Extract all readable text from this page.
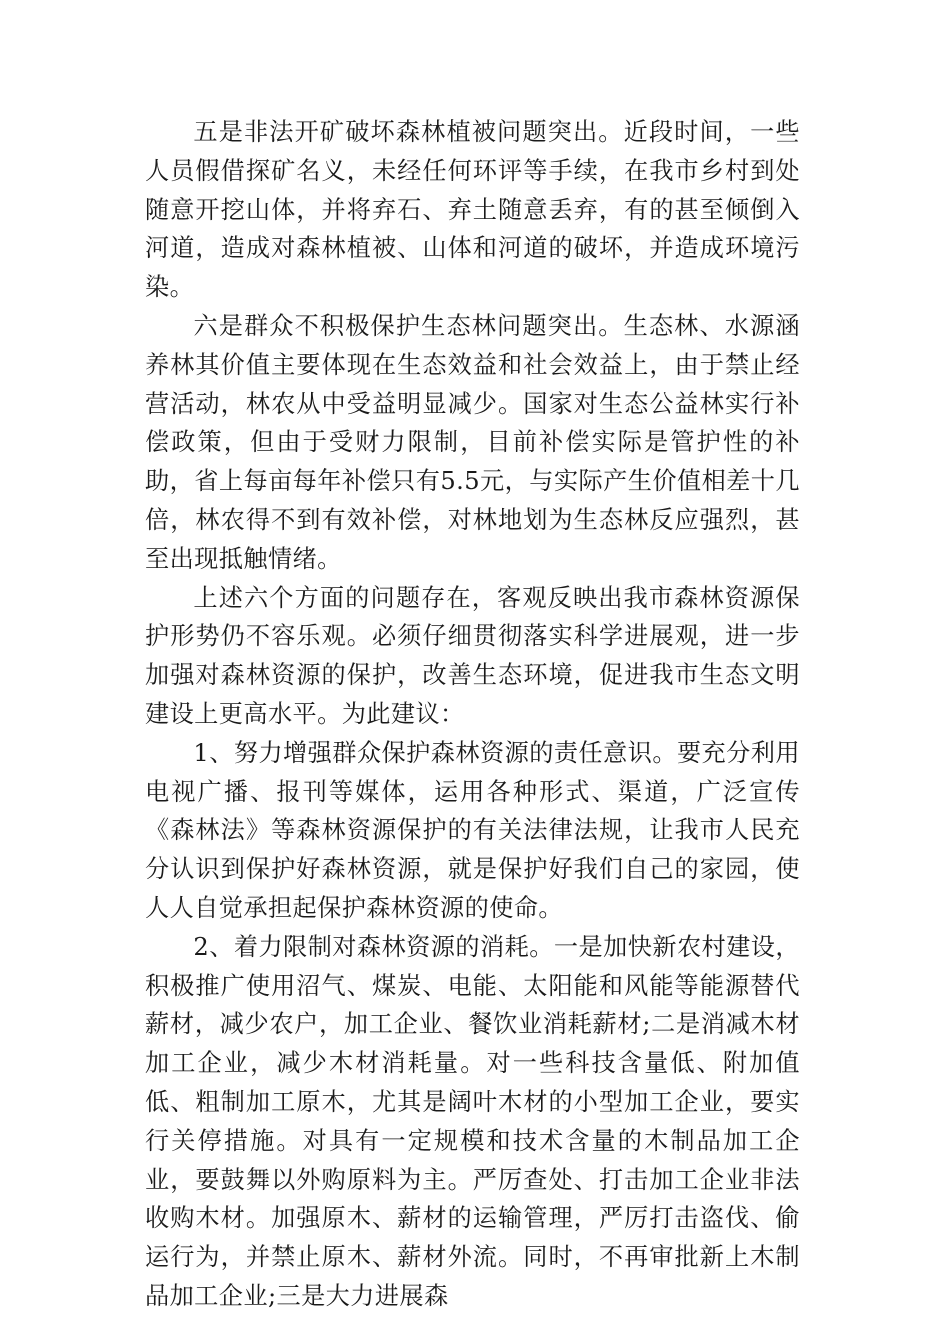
五是非法开矿破坏森林植被问题突出。近段时间，一些人员假借探矿名义，未经任何环评等手续，在我市乡村到处随意开挖山体，并将弃石、弃土随意丢弃，有的甚至倾倒入河道，造成对森林植被、山体和河道的破坏，并造成环境污染。

六是群众不积极保护生态林问题突出。生态林、水源涵养林其价值主要体现在生态效益和社会效益上，由于禁止经营活动，林农从中受益明显减少。国家对生态公益林实行补偿政策，但由于受财力限制，目前补偿实际是管护性的补助，省上每亩每年补偿只有5.5元，与实际产生价值相差十几倍，林农得不到有效补偿，对林地划为生态林反应强烈，甚至出现抵触情绪。

上述六个方面的问题存在，客观反映出我市森林资源保护形势仍不容乐观。必须仔细贯彻落实科学进展观，进一步加强对森林资源的保护，改善生态环境，促进我市生态文明建设上更高水平。为此建议：

1、努力增强群众保护森林资源的责任意识。要充分利用电视广播、报刊等媒体，运用各种形式、渠道，广泛宣传《森林法》等森林资源保护的有关法律法规，让我市人民充分认识到保护好森林资源，就是保护好我们自己的家园，使人人自觉承担起保护森林资源的使命。

2、着力限制对森林资源的消耗。一是加快新农村建设，积极推广使用沼气、煤炭、电能、太阳能和风能等能源替代薪材，减少农户，加工企业、餐饮业消耗薪材;二是消减木材加工企业，减少木材消耗量。对一些科技含量低、附加值低、粗制加工原木，尤其是阔叶木材的小型加工企业，要实行关停措施。对具有一定规模和技术含量的木制品加工企业，要鼓舞以外购原料为主。严厉查处、打击加工企业非法收购木材。加强原木、薪材的运输管理，严厉打击盗伐、偷运行为，并禁止原木、薪材外流。同时，不再审批新上木制品加工企业;三是大力进展森
